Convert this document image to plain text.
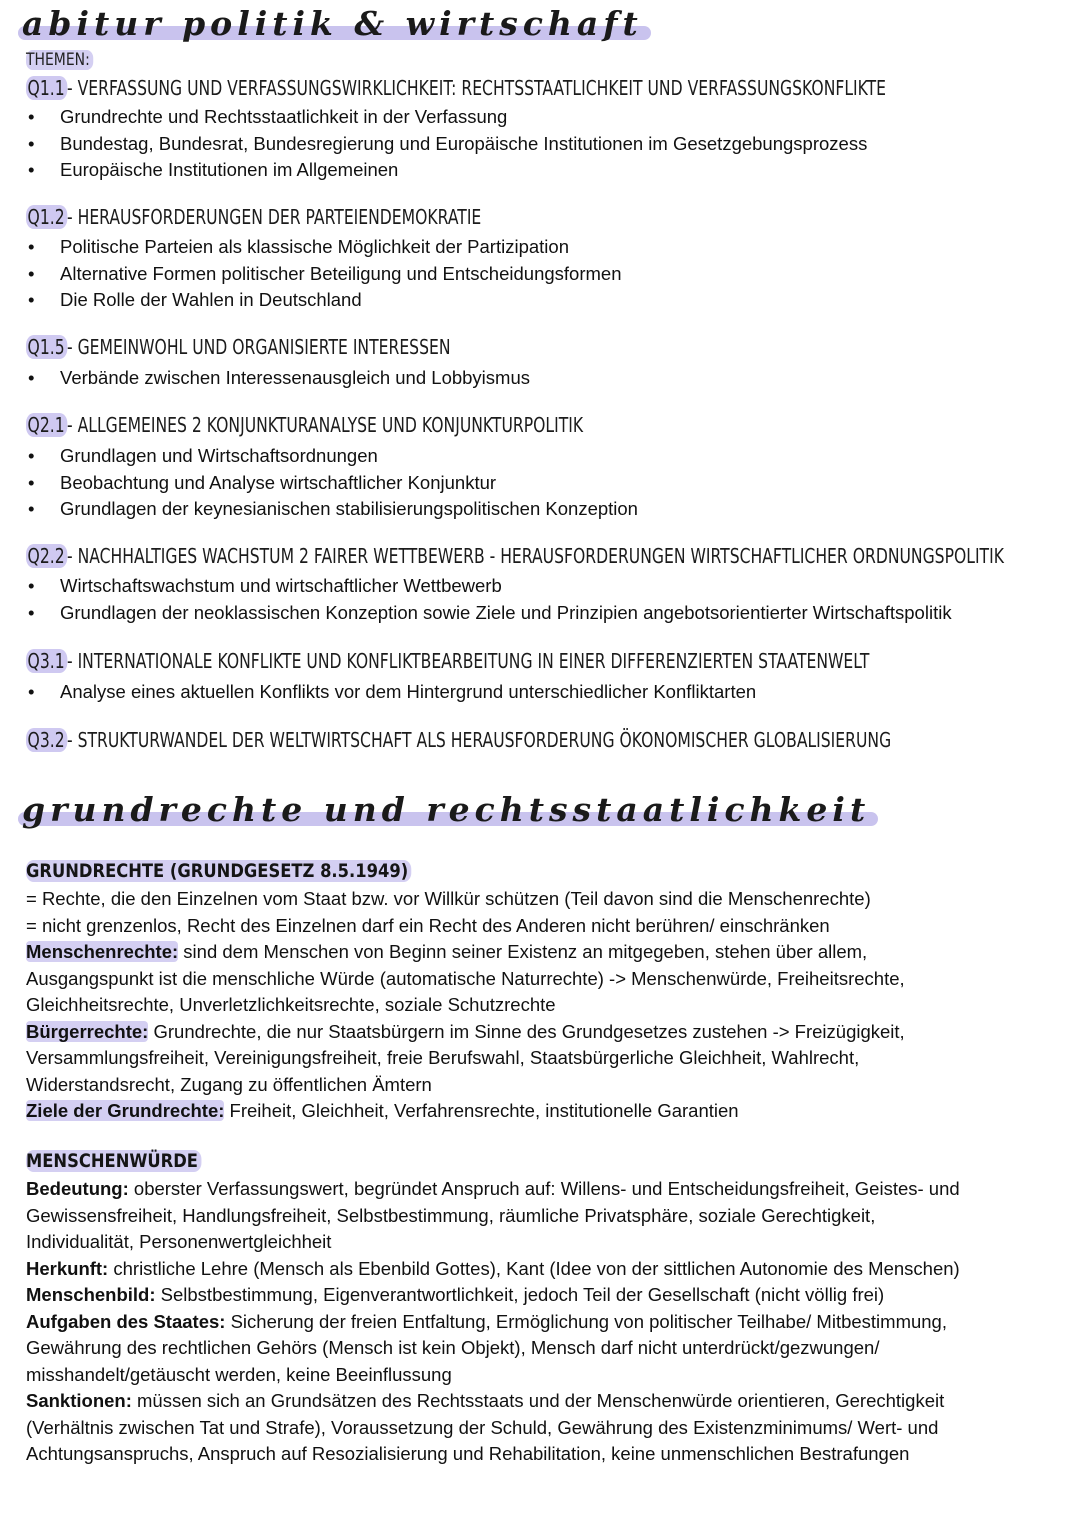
abitur politik & wirtschaft
THEMEN:
Q1.1 - VERFASSUNG UND VERFASSUNGSWIRKLICHKEIT: RECHTSSTAATLICHKEIT UND VERFASSUNGSKONFLIKTE
• Grundrechte und Rechtsstaatlichkeit in der Verfassung
• Bundestag, Bundesrat, Bundesregierung und Europäische Institutionen im Gesetzgebungsprozess
• Europäische Institutionen im Allgemeinen
Q1.2 - HERAUSFORDERUNGEN DER PARTEIENDEMOKRATIE
• Politische Parteien als klassische Möglichkeit der Partizipation
• Alternative Formen politischer Beteiligung und Entscheidungsformen
• Die Rolle der Wahlen in Deutschland
Q1.5 - GEMEINWOHL UND ORGANISIERTE INTERESSEN
• Verbände zwischen Interessenausgleich und Lobbyismus
Q2.1 - ALLGEMEINES 2 KONJUNKTURANALYSE UND KONJUNKTURPOLITIK
• Grundlagen und Wirtschaftsordnungen
• Beobachtung und Analyse wirtschaftlicher Konjunktur
• Grundlagen der keynesianischen stabilisierungspolitischen Konzeption
Q2.2 - NACHHALTIGES WACHSTUM 2 FAIRER WETTBEWERB - HERAUSFORDERUNGEN WIRTSCHAFTLICHER ORDNUNGSPOLITIK
• Wirtschaftswachstum und wirtschaftlicher Wettbewerb
• Grundlagen der neoklassischen Konzeption sowie Ziele und Prinzipien angebotsorientierter Wirtschaftspolitik
Q3.1 - INTERNATIONALE KONFLIKTE UND KONFLIKTBEARBEITUNG IN EINER DIFFERENZIERTEN STAATENWELT
• Analyse eines aktuellen Konflikts vor dem Hintergrund unterschiedlicher Konfliktarten
Q3.2 - STRUKTURWANDEL DER WELTWIRTSCHAFT ALS HERAUSFORDERUNG ÖKONOMISCHER GLOBALISIERUNG
grundrechte und rechtsstaatlichkeit
GRUNDRECHTE (GRUNDGESETZ 8.5.1949)
= Rechte, die den Einzelnen vom Staat bzw. vor Willkür schützen (Teil davon sind die Menschenrechte)
= nicht grenzenlos, Recht des Einzelnen darf ein Recht des Anderen nicht berühren/ einschränken
Menschenrechte: sind dem Menschen von Beginn seiner Existenz an mitgegeben, stehen über allem,
Ausgangspunkt ist die menschliche Würde (automatische Naturrechte) -> Menschenwürde, Freiheitsrechte,
Gleichheitsrechte, Unverletzlichkeitsrechte, soziale Schutzrechte
Bürgerrechte: Grundrechte, die nur Staatsbürgern im Sinne des Grundgesetzes zustehen -> Freizügigkeit,
Versammlungsfreiheit, Vereinigungsfreiheit, freie Berufswahl, Staatsbürgerliche Gleichheit, Wahlrecht,
Widerstandsrecht, Zugang zu öffentlichen Ämtern
Ziele der Grundrechte: Freiheit, Gleichheit, Verfahrensrechte, institutionelle Garantien
MENSCHENWÜRDE
Bedeutung: oberster Verfassungswert, begründet Anspruch auf: Willens- und Entscheidungsfreiheit, Geistes- und
Gewissensfreiheit, Handlungsfreiheit, Selbstbestimmung, räumliche Privatsphäre, soziale Gerechtigkeit,
Individualität, Personenwertgleichheit
Herkunft: christliche Lehre (Mensch als Ebenbild Gottes), Kant (Idee von der sittlichen Autonomie des Menschen)
Menschenbild: Selbstbestimmung, Eigenverantwortlichkeit, jedoch Teil der Gesellschaft (nicht völlig frei)
Aufgaben des Staates: Sicherung der freien Entfaltung, Ermöglichung von politischer Teilhabe/ Mitbestimmung,
Gewährung des rechtlichen Gehörs (Mensch ist kein Objekt), Mensch darf nicht unterdrückt/gezwungen/
misshandelt/getäuscht werden, keine Beeinflussung
Sanktionen: müssen sich an Grundsätzen des Rechtsstaats und der Menschenwürde orientieren, Gerechtigkeit
(Verhältnis zwischen Tat und Strafe), Voraussetzung der Schuld, Gewährung des Existenzminimums/ Wert- und
Achtungsanspruchs, Anspruch auf Resozialisierung und Rehabilitation, keine unmenschlichen Bestrafungen
